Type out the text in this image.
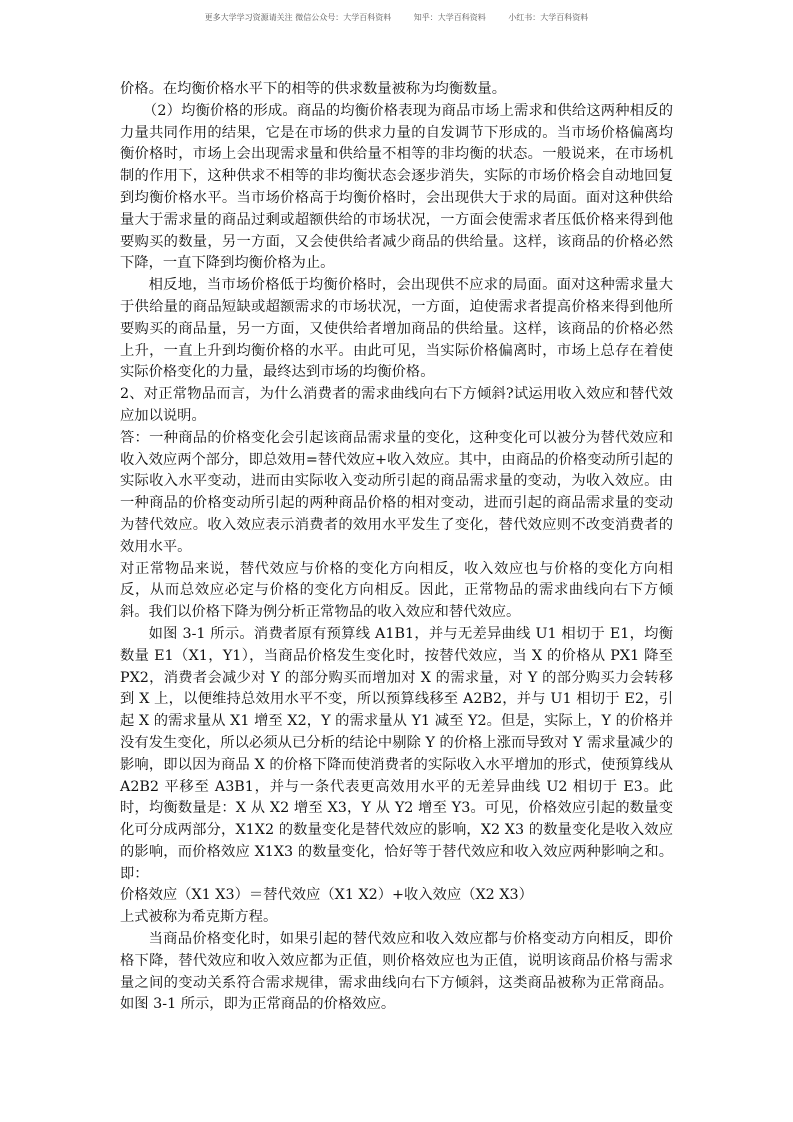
更多大学学习资源请关注 微信公众号：大学百科资料	知乎：大学百科资料	小红书：大学百科资料

价格。在均衡价格水平下的相等的供求数量被称为均衡数量。

（2）均衡价格的形成。商品的均衡价格表现为商品市场上需求和供给这两种相反的力量共同作用的结果，它是在市场的供求力量的自发调节下形成的。当市场价格偏离均衡价格时，市场上会出现需求量和供给量不相等的非均衡的状态。一般说来，在市场机制的作用下，这种供求不相等的非均衡状态会逐步消失，实际的市场价格会自动地回复到均衡价格水平。当市场价格高于均衡价格时，会出现供大于求的局面。面对这种供给量大于需求量的商品过剩或超额供给的市场状况，一方面会使需求者压低价格来得到他要购买的数量，另一方面，又会使供给者减少商品的供给量。这样，该商品的价格必然下降，一直下降到均衡价格为止。

相反地，当市场价格低于均衡价格时，会出现供不应求的局面。面对这种需求量大于供给量的商品短缺或超额需求的市场状况，一方面，迫使需求者提高价格来得到他所要购买的商品量，另一方面，又使供给者增加商品的供给量。这样，该商品的价格必然上升，一直上升到均衡价格的水平。由此可见，当实际价格偏离时，市场上总存在着使实际价格变化的力量，最终达到市场的均衡价格。

2、对正常物品而言，为什么消费者的需求曲线向右下方倾斜?试运用收入效应和替代效应加以说明。

答：一种商品的价格变化会引起该商品需求量的变化，这种变化可以被分为替代效应和收入效应两个部分，即总效用=替代效应+收入效应。其中，由商品的价格变动所引起的实际收入水平变动，进而由实际收入变动所引起的商品需求量的变动，为收入效应。由一种商品的价格变动所引起的两种商品价格的相对变动，进而引起的商品需求量的变动为替代效应。收入效应表示消费者的效用水平发生了变化，替代效应则不改变消费者的效用水平。

对正常物品来说，替代效应与价格的变化方向相反，收入效应也与价格的变化方向相反，从而总效应必定与价格的变化方向相反。因此，正常物品的需求曲线向右下方倾斜。我们以价格下降为例分析正常物品的收入效应和替代效应。

如图 3-1 所示。消费者原有预算线 A1B1，并与无差异曲线 U1 相切于 E1，均衡数量 E1（X1，Y1），当商品价格发生变化时，按替代效应，当 X 的价格从 PX1 降至 PX2，消费者会减少对 Y 的部分购买而增加对 X 的需求量，对 Y 的部分购买力会转移到 X 上，以便维持总效用水平不变，所以预算线移至 A2B2，并与 U1 相切于 E2，引起 X 的需求量从 X1 增至 X2，Y 的需求量从 Y1 减至 Y2。但是，实际上，Y 的价格并没有发生变化，所以必须从已分析的结论中剔除 Y 的价格上涨而导致对 Y 需求量减少的影响，即以因为商品 X 的价格下降而使消费者的实际收入水平增加的形式，使预算线从 A2B2 平移至 A3B1，并与一条代表更高效用水平的无差异曲线 U2 相切于 E3。此时，均衡数量是：X 从 X2 增至 X3，Y 从 Y2 增至 Y3。可见，价格效应引起的数量变化可分成两部分，X1X2 的数量变化是替代效应的影响，X2 X3 的数量变化是收入效应的影响，而价格效应 X1X3 的数量变化，恰好等于替代效应和收入效应两种影响之和。即：

价格效应（X1 X3）＝替代效应（X1 X2）+收入效应（X2 X3）

上式被称为希克斯方程。

当商品价格变化时，如果引起的替代效应和收入效应都与价格变动方向相反，即价格下降，替代效应和收入效应都为正值，则价格效应也为正值，说明该商品价格与需求量之间的变动关系符合需求规律，需求曲线向右下方倾斜，这类商品被称为正常商品。如图 3-1 所示，即为正常商品的价格效应。
